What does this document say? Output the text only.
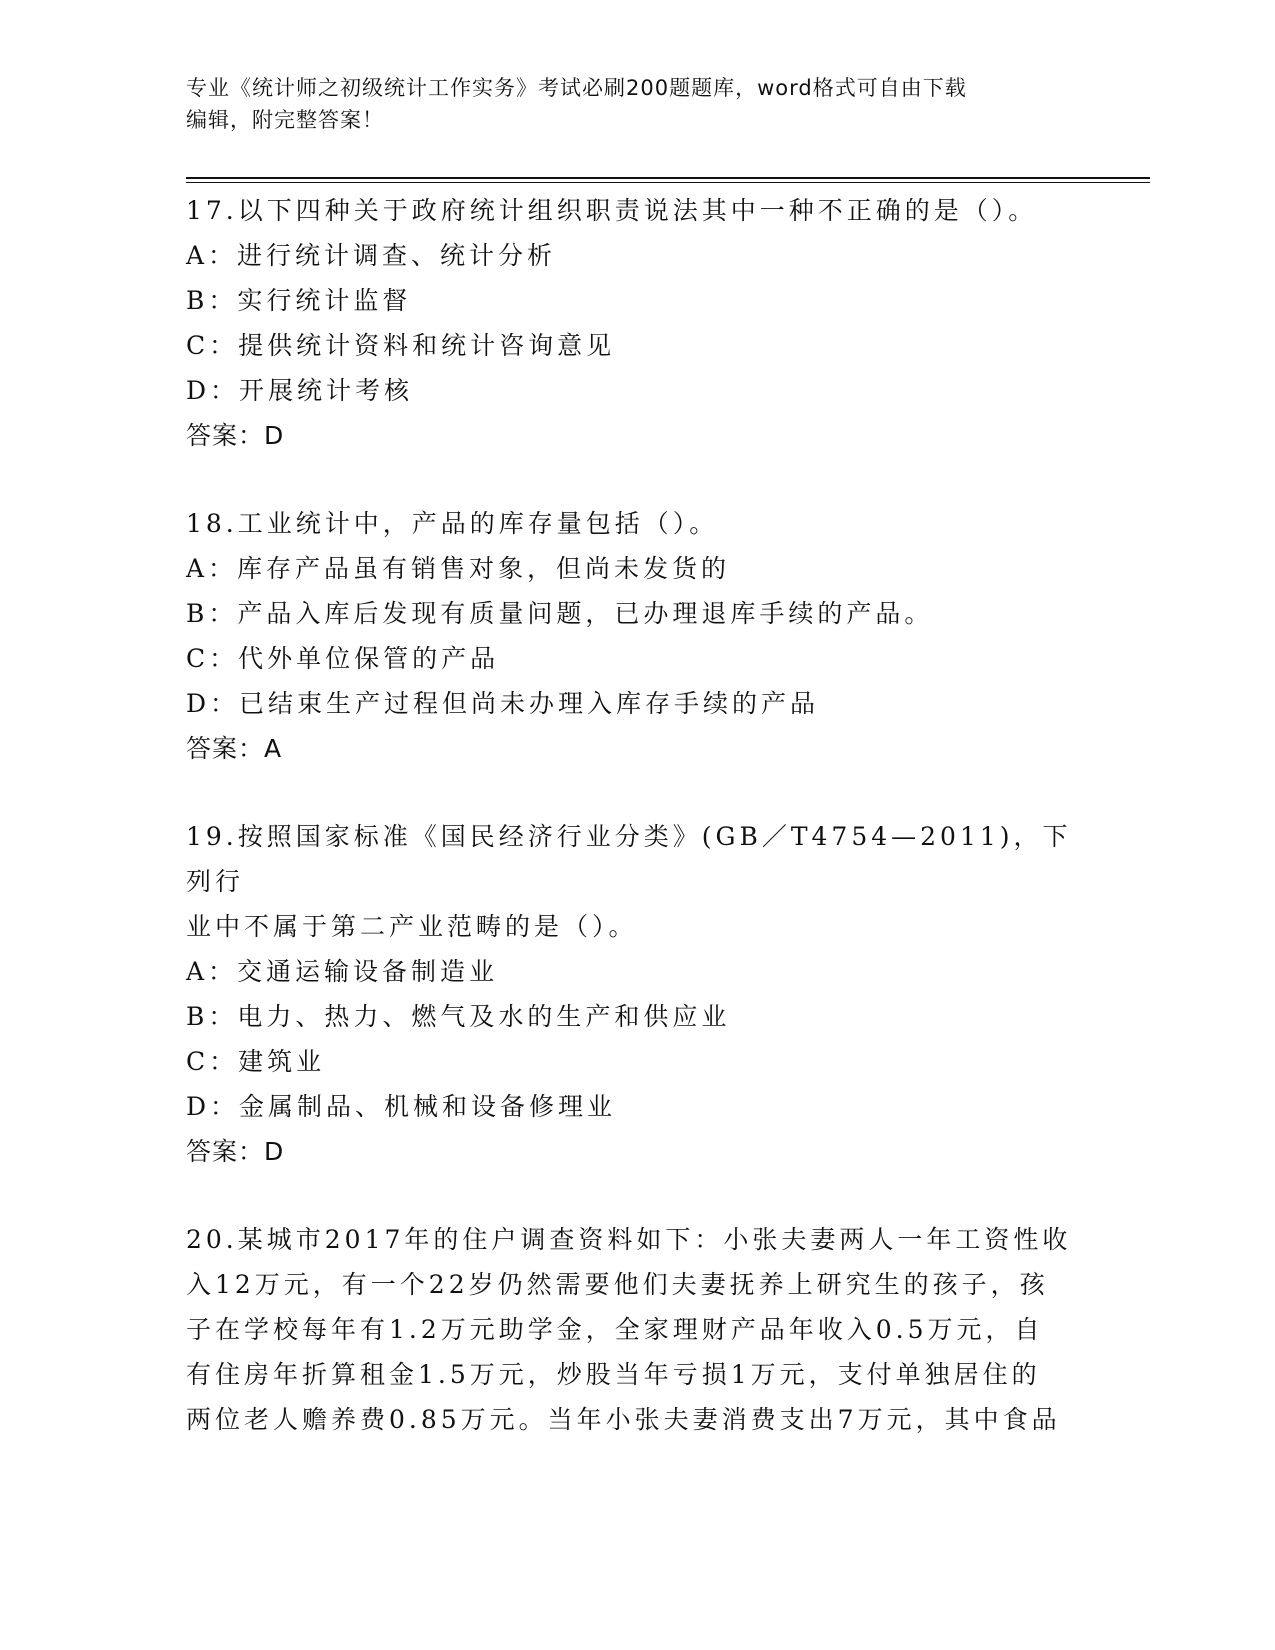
专业《统计师之初级统计工作实务》考试必刷200题题库，word格式可自由下载
编辑，附完整答案！
17.以下四种关于政府统计组织职责说法其中一种不正确的是（）。
A：进行统计调查、统计分析
B：实行统计监督
C：提供统计资料和统计咨询意见
D：开展统计考核
答案：D
18.工业统计中，产品的库存量包括（）。
A：库存产品虽有销售对象，但尚未发货的
B：产品入库后发现有质量问题，已办理退库手续的产品。
C：代外单位保管的产品
D：已结束生产过程但尚未办理入库存手续的产品
答案：A
19.按照国家标准《国民经济行业分类》(GB／T4754—2011)，下列行
业中不属于第二产业范畴的是（）。
A：交通运输设备制造业
B：电力、热力、燃气及水的生产和供应业
C：建筑业
D：金属制品、机械和设备修理业
答案：D
20.某城市2017年的住户调查资料如下：小张夫妻两人一年工资性收
入12万元，有一个22岁仍然需要他们夫妻抚养上研究生的孩子，孩
子在学校每年有1.2万元助学金，全家理财产品年收入0.5万元，自
有住房年折算租金1.5万元，炒股当年亏损1万元，支付单独居住的
两位老人赡养费0.85万元。当年小张夫妻消费支出7万元，其中食品
